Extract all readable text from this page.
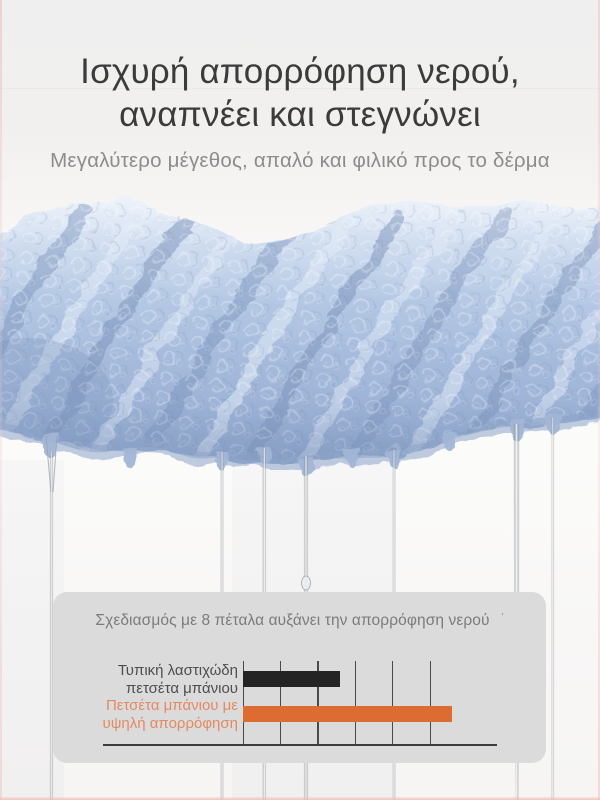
Ισχυρή απορρόφηση νερού,
αναπνέει και στεγνώνει
Μεγαλύτερο μέγεθος, απαλό και φιλικό προς το δέρμα
Σχεδιασμός με 8 πέταλα αυξάνει την απορρόφηση νερού '
Τυπική λαστιχώδη
πετσέτα μπάνιου
Πετσέτα μπάνιου με
υψηλή απορρόφηση
